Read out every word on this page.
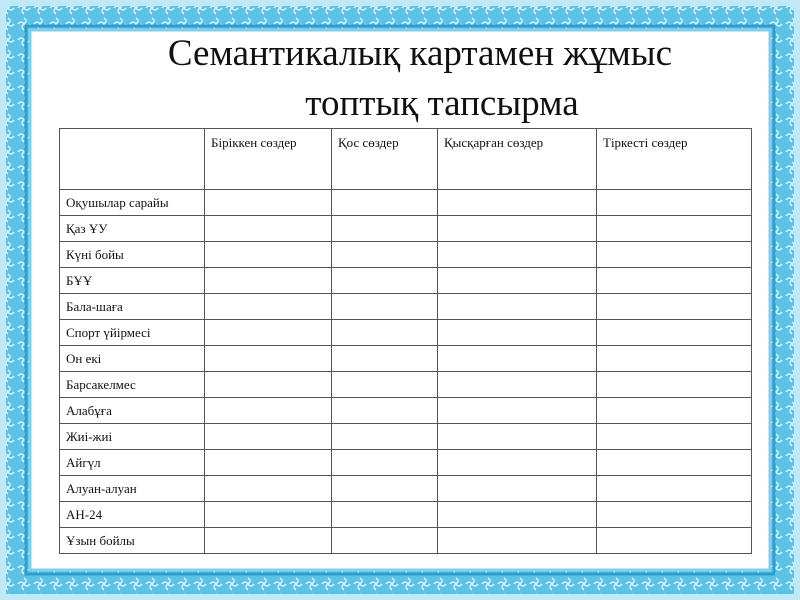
Семантикалық картамен жұмыс
топтық тапсырма
	Біріккен сөздер	Қос сөздер	Қысқарған сөздер	Тіркесті сөздер
Оқушылар сарайы				
Қаз ҰУ				
Күні бойы				
БҰҰ				
Бала-шаға				
Спорт үйірмесі				
Он екі				
Барсакелмес				
Алабұға				
Жиі-жиі				
Айгүл				
Алуан-алуан				
АН-24				
Ұзын бойлы				
